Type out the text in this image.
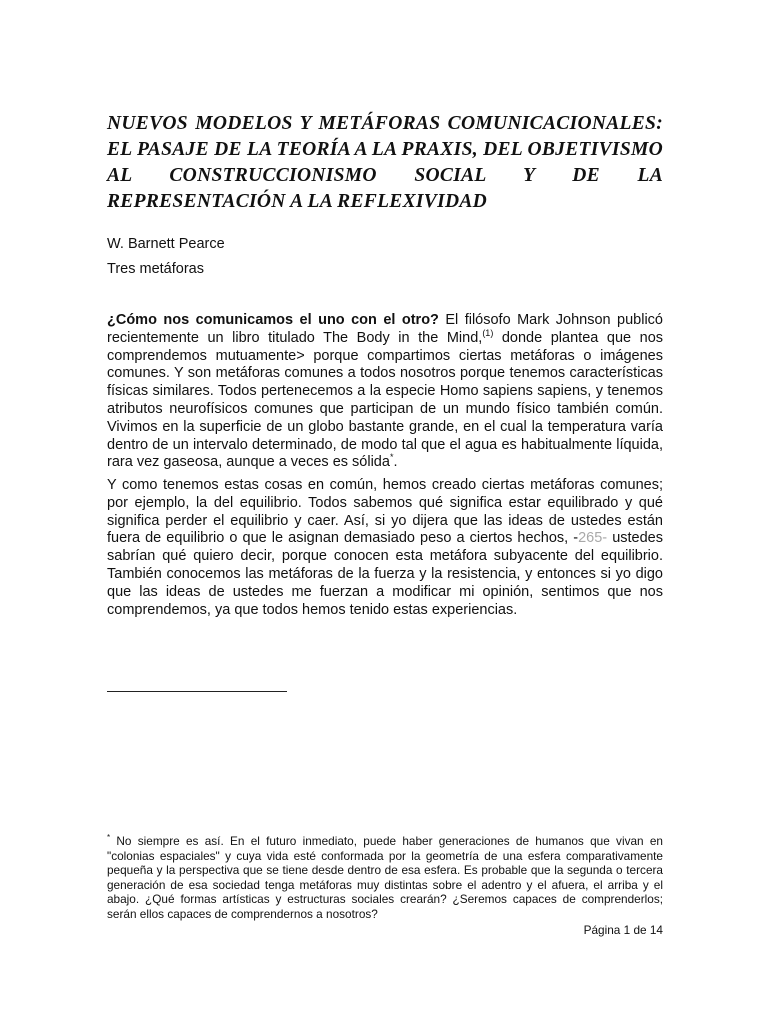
NUEVOS MODELOS Y METÁFORAS COMUNICACIONALES: EL PASAJE DE LA TEORÍA A LA PRAXIS, DEL OBJETIVISMO AL CONSTRUCCIONISMO SOCIAL Y DE LA REPRESENTACIÓN A LA REFLEXIVIDAD

W. Barnett Pearce

Tres metáforas

¿Cómo nos comunicamos el uno con el otro? El filósofo Mark Johnson publicó recientemente un libro titulado The Body in the Mind,$^{(1)}$ donde plantea que nos comprendemos mutuamente> porque compartimos ciertas metáforas o imágenes comunes. Y son metáforas comunes a todos nosotros porque tenemos características físicas similares. Todos pertenecemos a la especie Homo sapiens sapiens, y tenemos atributos neurofísicos comunes que participan de un mundo físico también común. Vivimos en la superficie de un globo bastante grande, en el cual la temperatura varía dentro de un intervalo determinado, de modo tal que el agua es habitualmente líquida, rara vez gaseosa, aunque a veces es sólida*.

Y como tenemos estas cosas en común, hemos creado ciertas metáforas comunes; por ejemplo, la del equilibrio. Todos sabemos qué significa estar equilibrado y qué significa perder el equilibrio y caer. Así, si yo dijera que las ideas de ustedes están fuera de equilibrio o que le asignan demasiado peso a ciertos hechos, -265- ustedes sabrían qué quiero decir, porque conocen esta metáfora subyacente del equilibrio. También conocemos las metáforas de la fuerza y la resistencia, y entonces si yo digo que las ideas de ustedes me fuerzan a modificar mi opinión, sentimos que nos comprendemos, ya que todos hemos tenido estas experiencias.

* No siempre es así. En el futuro inmediato, puede haber generaciones de humanos que vivan en "colonias espaciales" y cuya vida esté conformada por la geometría de una esfera comparativamente pequeña y la perspectiva que se tiene desde dentro de esa esfera. Es probable que la segunda o tercera generación de esa sociedad tenga metáforas muy distintas sobre el adentro y el afuera, el arriba y el abajo. ¿Qué formas artísticas y estructuras sociales crearán? ¿Seremos capaces de comprenderlos; serán ellos capaces de comprendernos a nosotros?

Página 1 de 14
